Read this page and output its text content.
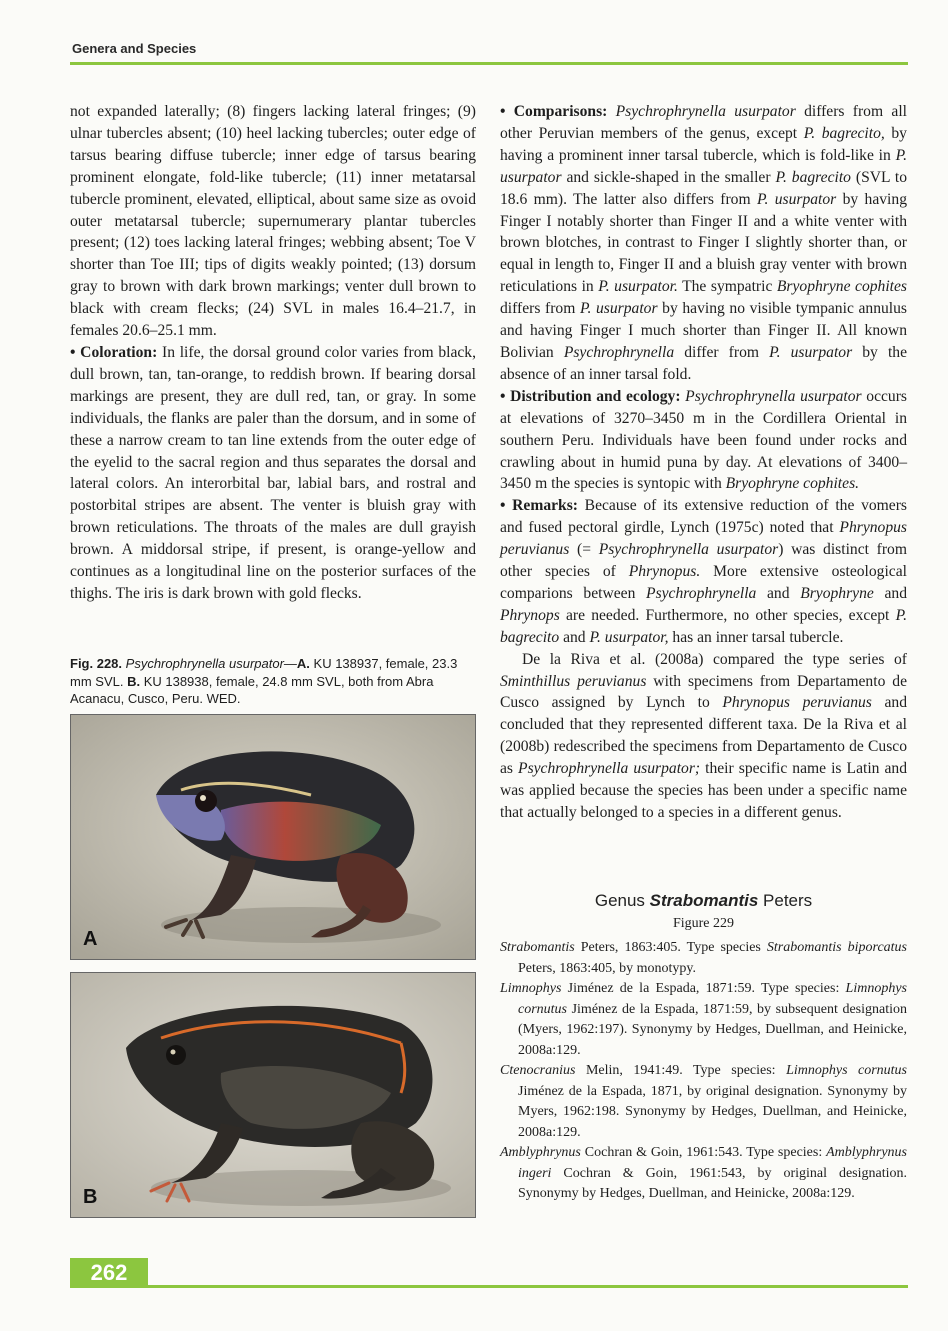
Genera and Species

not expanded laterally; (8) fingers lacking lateral fringes; (9) ulnar tubercles absent; (10) heel lacking tubercles; outer edge of tarsus bearing diffuse tubercle; inner edge of tarsus bearing prominent elongate, fold-like tubercle; (11) inner metatarsal tubercle prominent, elevated, elliptical, about same size as ovoid outer metatarsal tubercle; supernumerary plantar tubercles present; (12) toes lacking lateral fringes; webbing absent; Toe V shorter than Toe III; tips of digits weakly pointed; (13) dorsum gray to brown with dark brown markings; venter dull brown to black with cream flecks; (24) SVL in males 16.4–21.7, in females 20.6–25.1 mm.

• Coloration: In life, the dorsal ground color varies from black, dull brown, tan, tan-orange, to reddish brown. If bearing dorsal markings are present, they are dull red, tan, or gray. In some individuals, the flanks are paler than the dorsum, and in some of these a narrow cream to tan line extends from the outer edge of the eyelid to the sacral region and thus separates the dorsal and lateral colors. An interorbital bar, labial bars, and rostral and postorbital stripes are absent. The venter is bluish gray with brown reticulations. The throats of the males are dull grayish brown. A middorsal stripe, if present, is orange-yellow and continues as a longitudinal line on the posterior surfaces of the thighs. The iris is dark brown with gold flecks.

Fig. 228. Psychrophrynella usurpator—A. KU 138937, female, 23.3 mm SVL. B. KU 138938, female, 24.8 mm SVL, both from Abra Acanacu, Cusco, Peru. WED.

A
B

• Comparisons: Psychrophrynella usurpator differs from all other Peruvian members of the genus, except P. bagrecito, by having a prominent inner tarsal tubercle, which is fold-like in P. usurpator and sickle-shaped in the smaller P. bagrecito (SVL to 18.6 mm). The latter also differs from P. usurpator by having Finger I notably shorter than Finger II and a white venter with brown blotches, in contrast to Finger I slightly shorter than, or equal in length to, Finger II and a bluish gray venter with brown reticulations in P. usurpator. The sympatric Bryophryne cophites differs from P. usurpator by having no visible tympanic annulus and having Finger I much shorter than Finger II. All known Bolivian Psychrophrynella differ from P. usurpator by the absence of an inner tarsal fold.

• Distribution and ecology: Psychrophrynella usurpator occurs at elevations of 3270–3450 m in the Cordillera Oriental in southern Peru. Individuals have been found under rocks and crawling about in humid puna by day. At elevations of 3400–3450 m the species is syntopic with Bryophryne cophites.

• Remarks: Because of its extensive reduction of the vomers and fused pectoral girdle, Lynch (1975c) noted that Phrynopus peruvianus (= Psychrophrynella usurpator) was distinct from other species of Phrynopus. More extensive osteological comparions between Psychrophrynella and Bryophryne and Phrynops are needed. Furthermore, no other species, except P. bagrecito and P. usurpator, has an inner tarsal tubercle.

De la Riva et al. (2008a) compared the type series of Sminthillus peruvianus with specimens from Departamento de Cusco assigned by Lynch to Phrynopus peruvianus and concluded that they represented different taxa. De la Riva et al (2008b) redescribed the specimens from Departamento de Cusco as Psychrophrynella usurpator; their specific name is Latin and was applied because the species has been under a specific name that actually belonged to a species in a different genus.

Genus Strabomantis Peters
Figure 229

Strabomantis Peters, 1863:405. Type species Strabomantis biporcatus Peters, 1863:405, by monotypy.

Limnophys Jiménez de la Espada, 1871:59. Type species: Limnophys cornutus Jiménez de la Espada, 1871:59, by subsequent designation (Myers, 1962:197). Synonymy by Hedges, Duellman, and Heinicke, 2008a:129.

Ctenocranius Melin, 1941:49. Type species: Limnophys cornutus Jiménez de la Espada, 1871, by original designation. Synonymy by Myers, 1962:198. Synonymy by Hedges, Duellman, and Heinicke, 2008a:129.

Amblyphrynus Cochran & Goin, 1961:543. Type species: Amblyphrynus ingeri Cochran & Goin, 1961:543, by original designation. Synonymy by Hedges, Duellman, and Heinicke, 2008a:129.

262
